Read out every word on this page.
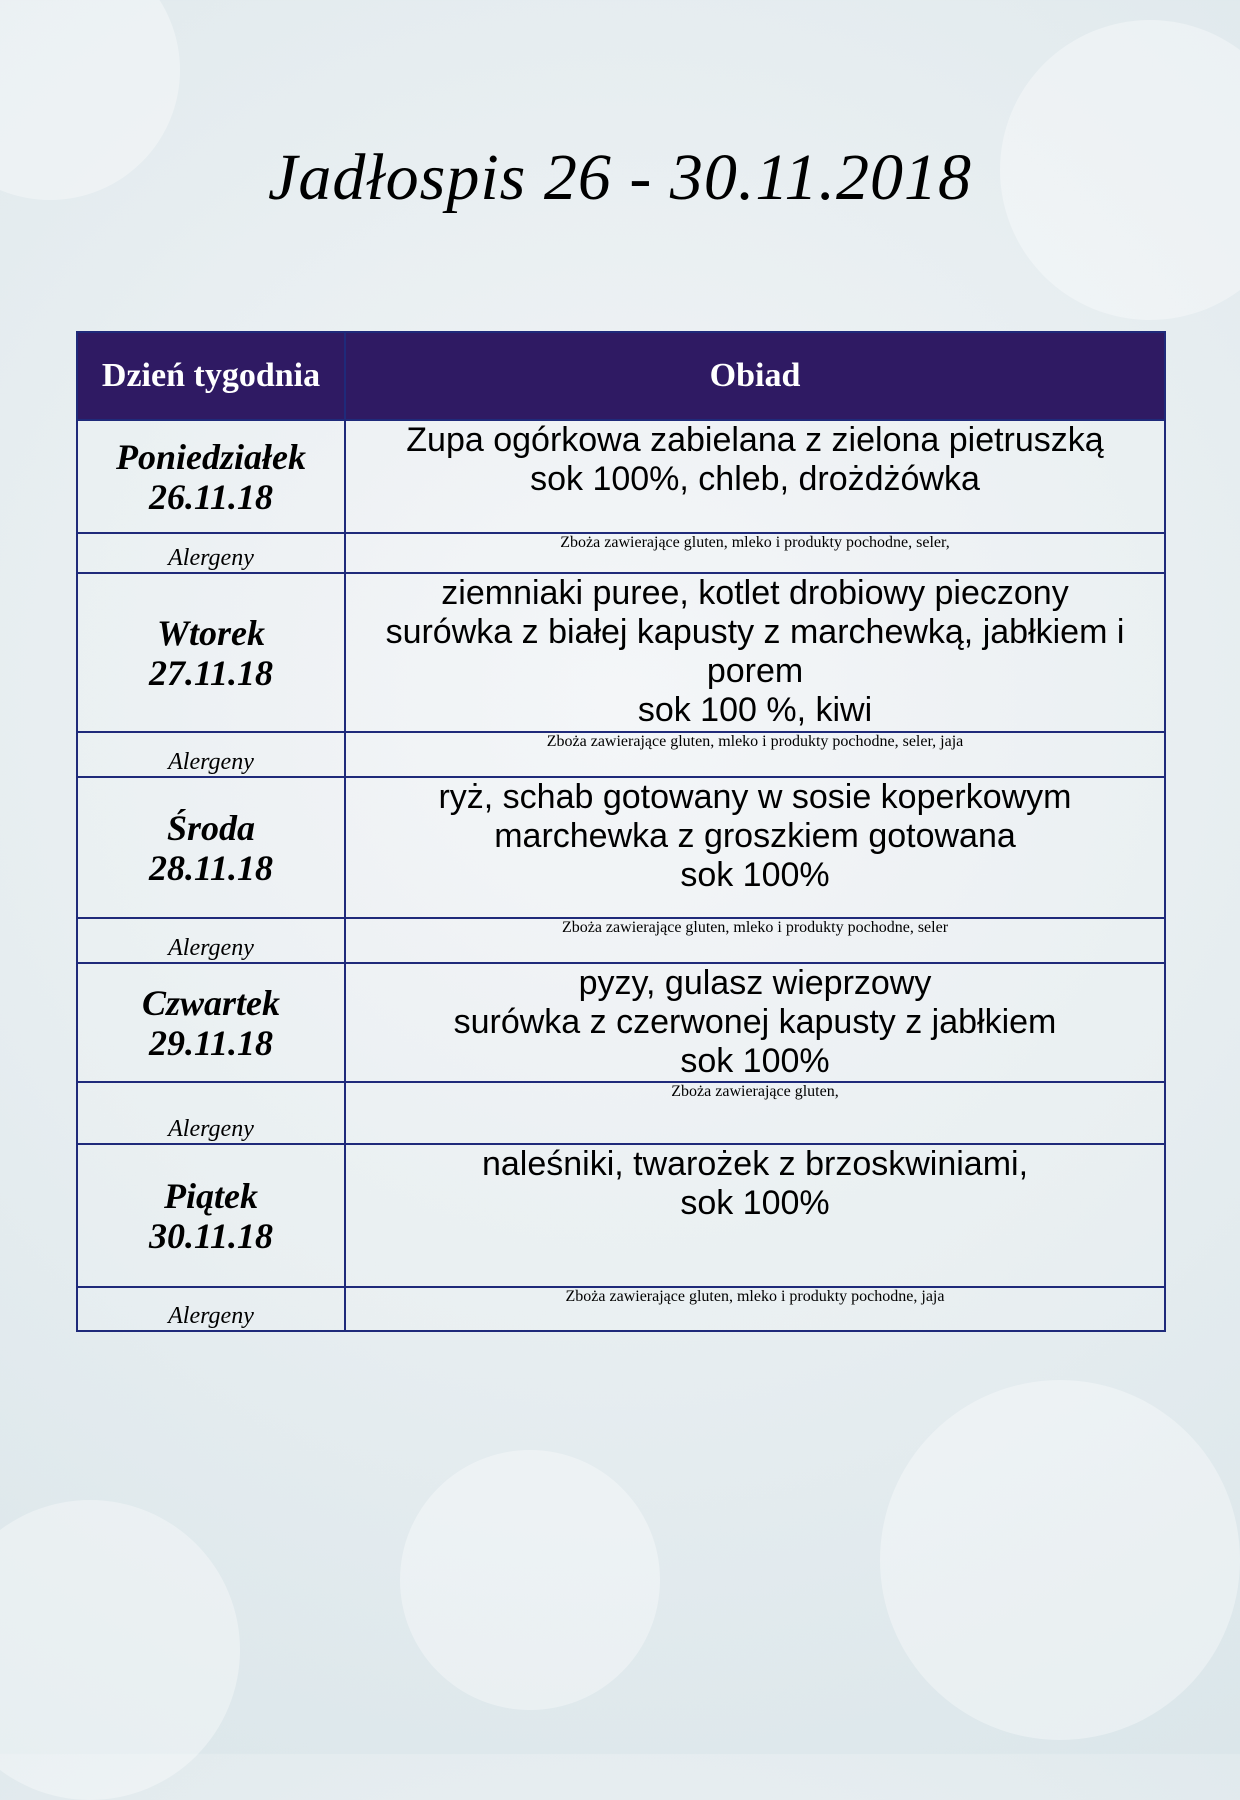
Jadłospis 26 - 30.11.2018
Dzień tygodnia	Obiad

Poniedziałek
26.11.18	Zupa ogórkowa zabielana z zielona pietruszką
sok 100%, chleb, drożdżówka

Alergeny	Zboża zawierające gluten, mleko i produkty pochodne, seler,

Wtorek
27.11.18	ziemniaki puree, kotlet drobiowy pieczony
surówka z białej kapusty z marchewką, jabłkiem i porem
sok 100 %, kiwi

Alergeny	Zboża zawierające gluten, mleko i produkty pochodne, seler, jaja

Środa
28.11.18	ryż, schab gotowany w sosie koperkowym
marchewka z groszkiem gotowana
sok 100%

Alergeny	Zboża zawierające gluten, mleko i produkty pochodne, seler

Czwartek
29.11.18	pyzy, gulasz wieprzowy
surówka z czerwonej kapusty z jabłkiem
sok 100%

Alergeny	Zboża zawierające gluten,

Piątek
30.11.18	naleśniki, twarożek z brzoskwiniami,
sok 100%

Alergeny	Zboża zawierające gluten, mleko i produkty pochodne, jaja
